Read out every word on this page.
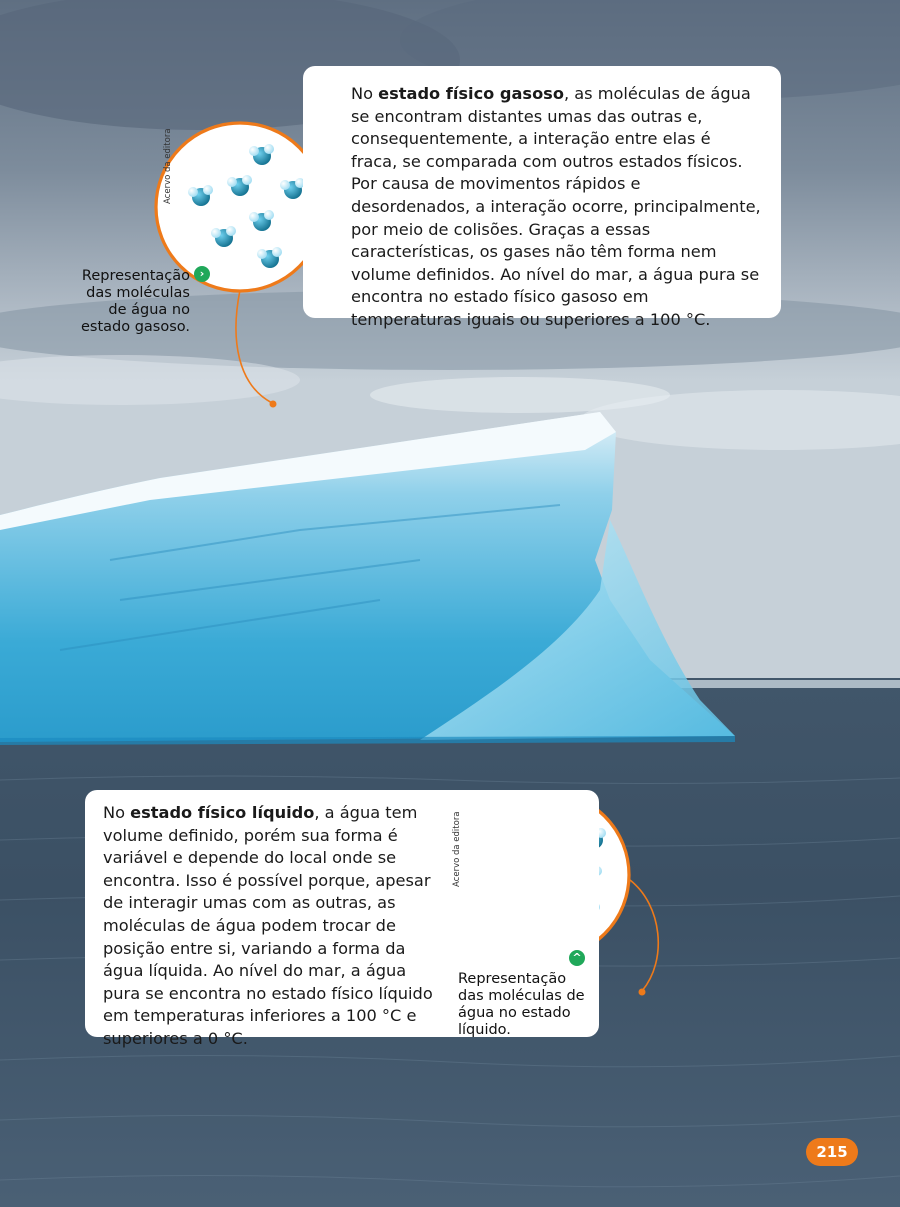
No estado físico gasoso, as moléculas de água se encontram distantes umas das outras e, consequentemente, a interação entre elas é fraca, se comparada com outros estados físicos. Por causa de movimentos rápidos e desordenados, a interação ocorre, principalmente, por meio de colisões. Graças a essas características, os gases não têm forma nem volume definidos. Ao nível do mar, a água pura se encontra no estado físico gasoso em temperaturas iguais ou superiores a 100 °C.

No estado físico líquido, a água tem volume definido, porém sua forma é variável e depende do local onde se encontra. Isso é possível porque, apesar de interagir umas com as outras, as moléculas de água podem trocar de posição entre si, variando a forma da água líquida. Ao nível do mar, a água pura se encontra no estado físico líquido em temperaturas inferiores a 100 °C e superiores a 0 °C.

Representação das moléculas de água no estado gasoso.
Representação das moléculas de água no estado líquido.
Acervo da editora
Acervo da editora
›
^
215
